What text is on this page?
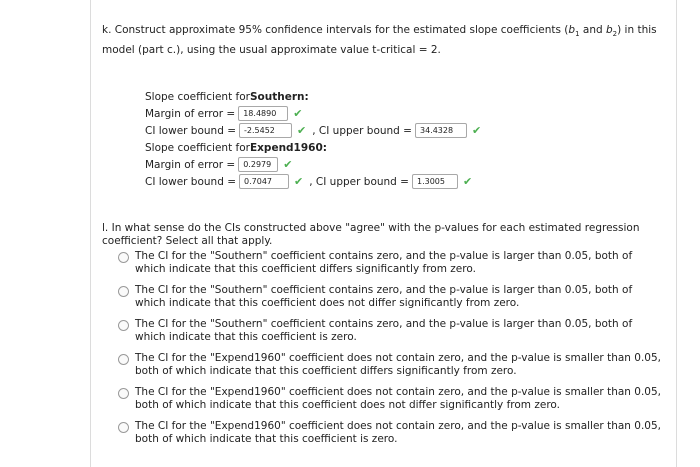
k. Construct approximate 95% confidence intervals for the estimated slope coefficients ($b_1$ and $b_2$) in this model (part c.), using the usual approximate value t-critical = 2.
Slope coefficient for Southern:
Margin of error =	18.4890	✔
CI lower bound =	-2.5452	✔ , CI upper bound =	34.4328	✔
Slope coefficient for Expend1960:
Margin of error =	0.2979	✔
CI lower bound =	0.7047	✔ , CI upper bound =	1.3005	✔
l. In what sense do the CIs constructed above "agree" with the p-values for each estimated regression coefficient? Select all that apply.
The CI for the "Southern" coefficient contains zero, and the p-value is larger than 0.05, both of which indicate that this coefficient differs significantly from zero.
The CI for the "Southern" coefficient contains zero, and the p-value is larger than 0.05, both of which indicate that this coefficient does not differ significantly from zero.
The CI for the "Southern" coefficient contains zero, and the p-value is larger than 0.05, both of which indicate that this coefficient is zero.
The CI for the "Expend1960" coefficient does not contain zero, and the p-value is smaller than 0.05, both of which indicate that this coefficient differs significantly from zero.
The CI for the "Expend1960" coefficient does not contain zero, and the p-value is smaller than 0.05, both of which indicate that this coefficient does not differ significantly from zero.
The CI for the "Expend1960" coefficient does not contain zero, and the p-value is smaller than 0.05, both of which indicate that this coefficient is zero.
